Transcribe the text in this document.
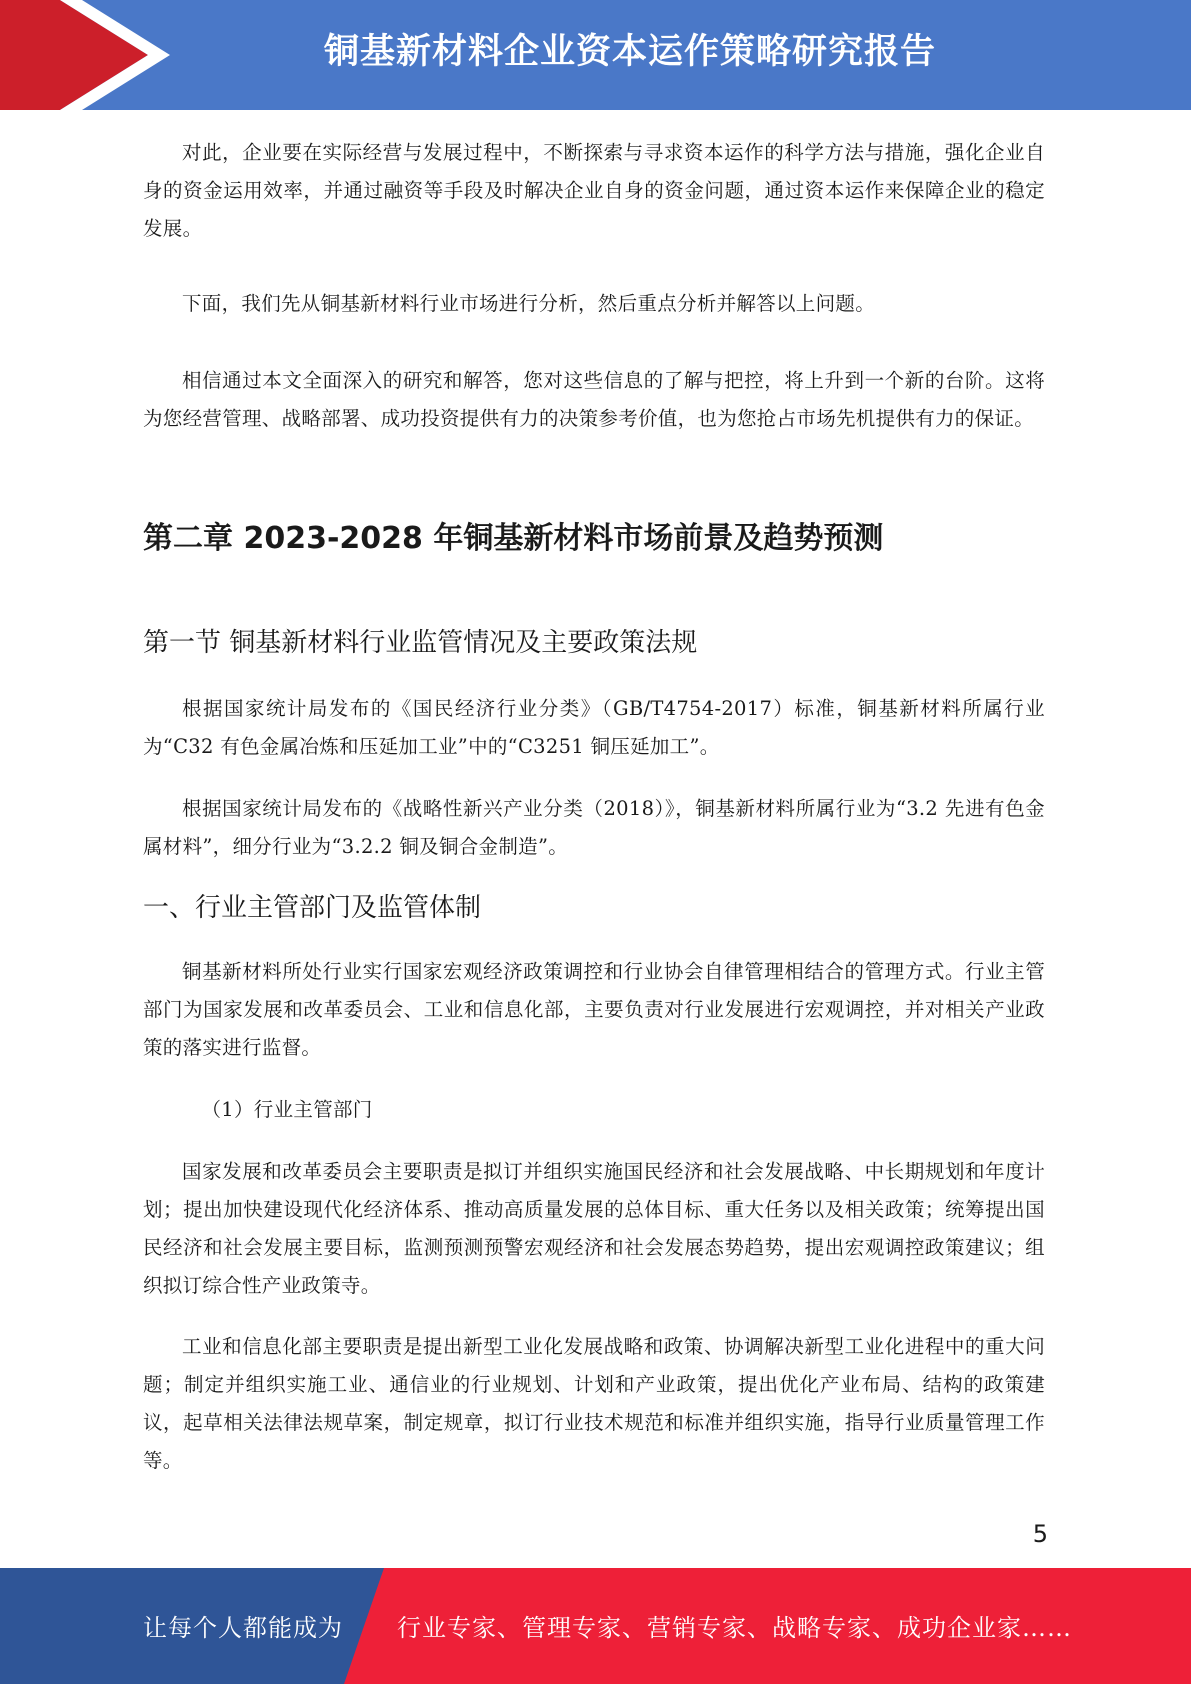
铜基新材料企业资本运作策略研究报告

对此，企业要在实际经营与发展过程中，不断探索与寻求资本运作的科学方法与措施，强化企业自身的资金运用效率，并通过融资等手段及时解决企业自身的资金问题，通过资本运作来保障企业的稳定发展。

下面，我们先从铜基新材料行业市场进行分析，然后重点分析并解答以上问题。

相信通过本文全面深入的研究和解答，您对这些信息的了解与把控，将上升到一个新的台阶。这将为您经营管理、战略部署、成功投资提供有力的决策参考价值，也为您抢占市场先机提供有力的保证。

第二章 2023-2028 年铜基新材料市场前景及趋势预测
第一节 铜基新材料行业监管情况及主要政策法规

根据国家统计局发布的《国民经济行业分类》（GB/T4754-2017）标准，铜基新材料所属行业为“C32 有色金属冶炼和压延加工业”中的“C3251 铜压延加工”。

根据国家统计局发布的《战略性新兴产业分类（2018）》，铜基新材料所属行业为“3.2 先进有色金属材料”，细分行业为“3.2.2 铜及铜合金制造”。

一、行业主管部门及监管体制

铜基新材料所处行业实行国家宏观经济政策调控和行业协会自律管理相结合的管理方式。行业主管部门为国家发展和改革委员会、工业和信息化部，主要负责对行业发展进行宏观调控，并对相关产业政策的落实进行监督。

（1）行业主管部门

国家发展和改革委员会主要职责是拟订并组织实施国民经济和社会发展战略、中长期规划和年度计划；提出加快建设现代化经济体系、推动高质量发展的总体目标、重大任务以及相关政策；统筹提出国民经济和社会发展主要目标，监测预测预警宏观经济和社会发展态势趋势，提出宏观调控政策建议；组织拟订综合性产业政策寺。

工业和信息化部主要职责是提出新型工业化发展战略和政策、协调解决新型工业化进程中的重大问题；制定并组织实施工业、通信业的行业规划、计划和产业政策，提出优化产业布局、结构的政策建议，起草相关法律法规草案，制定规章，拟订行业技术规范和标准并组织实施，指导行业质量管理工作等。

5
让每个人都能成为 行业专家、管理专家、营销专家、战略专家、成功企业家……
